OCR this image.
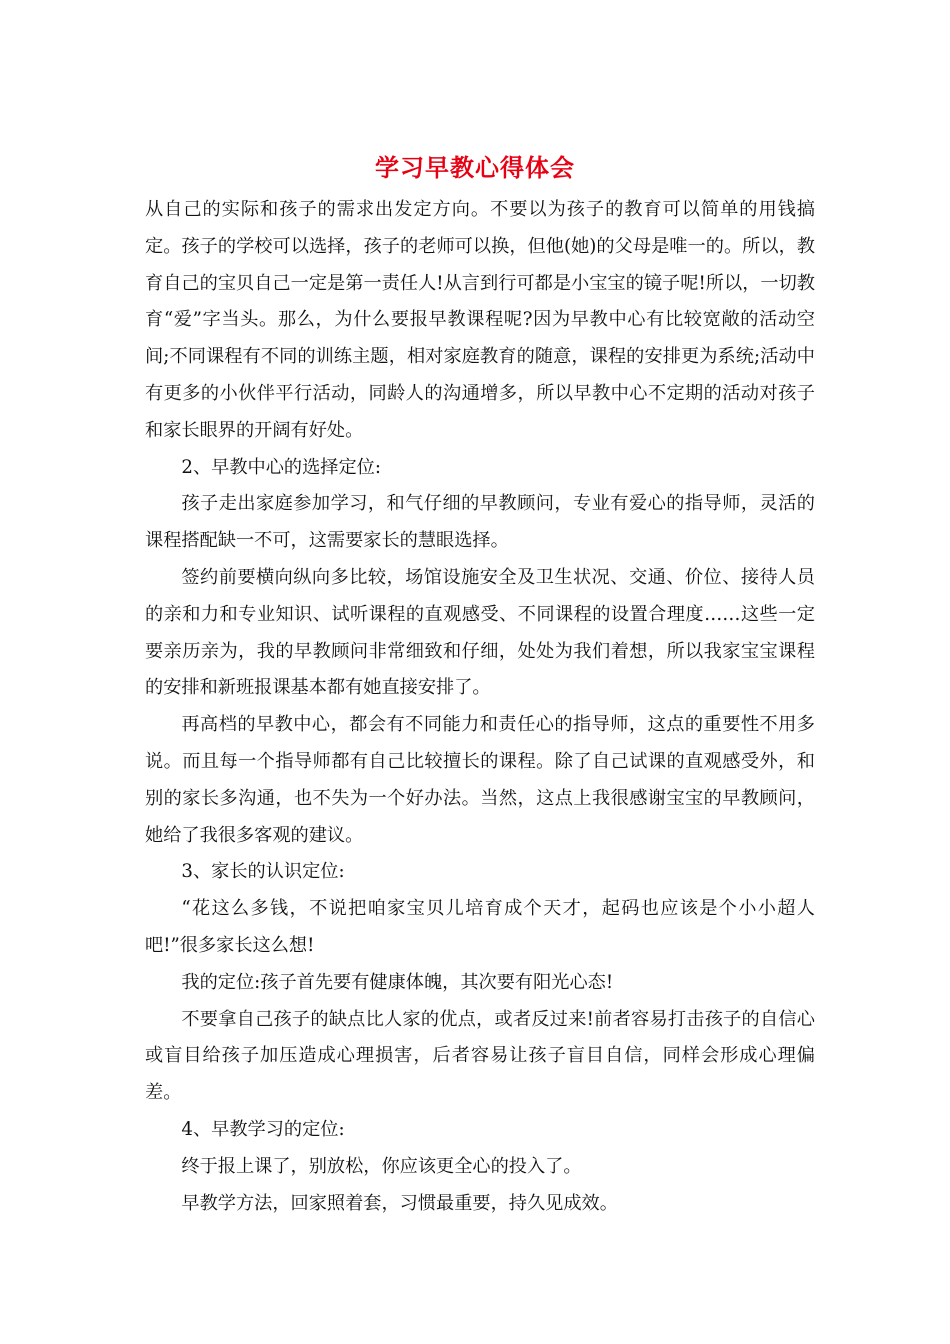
学习早教心得体会

从自己的实际和孩子的需求出发定方向。不要以为孩子的教育可以简单的用钱搞定。孩子的学校可以选择，孩子的老师可以换，但他(她)的父母是唯一的。所以，教育自己的宝贝自己一定是第一责任人!从言到行可都是小宝宝的镜子呢!所以，一切教育“爱”字当头。那么，为什么要报早教课程呢?因为早教中心有比较宽敞的活动空间;不同课程有不同的训练主题，相对家庭教育的随意，课程的安排更为系统;活动中有更多的小伙伴平行活动，同龄人的沟通增多，所以早教中心不定期的活动对孩子和家长眼界的开阔有好处。

2、早教中心的选择定位:

孩子走出家庭参加学习，和气仔细的早教顾问，专业有爱心的指导师，灵活的课程搭配缺一不可，这需要家长的慧眼选择。

签约前要横向纵向多比较，场馆设施安全及卫生状况、交通、价位、接待人员的亲和力和专业知识、试听课程的直观感受、不同课程的设置合理度……这些一定要亲历亲为，我的早教顾问非常细致和仔细，处处为我们着想，所以我家宝宝课程的安排和新班报课基本都有她直接安排了。

再高档的早教中心，都会有不同能力和责任心的指导师，这点的重要性不用多说。而且每一个指导师都有自己比较擅长的课程。除了自己试课的直观感受外，和别的家长多沟通，也不失为一个好办法。当然，这点上我很感谢宝宝的早教顾问，她给了我很多客观的建议。

3、家长的认识定位:

“花这么多钱，不说把咱家宝贝儿培育成个天才，起码也应该是个小小超人吧!”很多家长这么想!

我的定位:孩子首先要有健康体魄，其次要有阳光心态!

不要拿自己孩子的缺点比人家的优点，或者反过来!前者容易打击孩子的自信心或盲目给孩子加压造成心理损害，后者容易让孩子盲目自信，同样会形成心理偏差。

4、早教学习的定位:

终于报上课了，别放松，你应该更全心的投入了。

早教学方法，回家照着套，习惯最重要，持久见成效。
